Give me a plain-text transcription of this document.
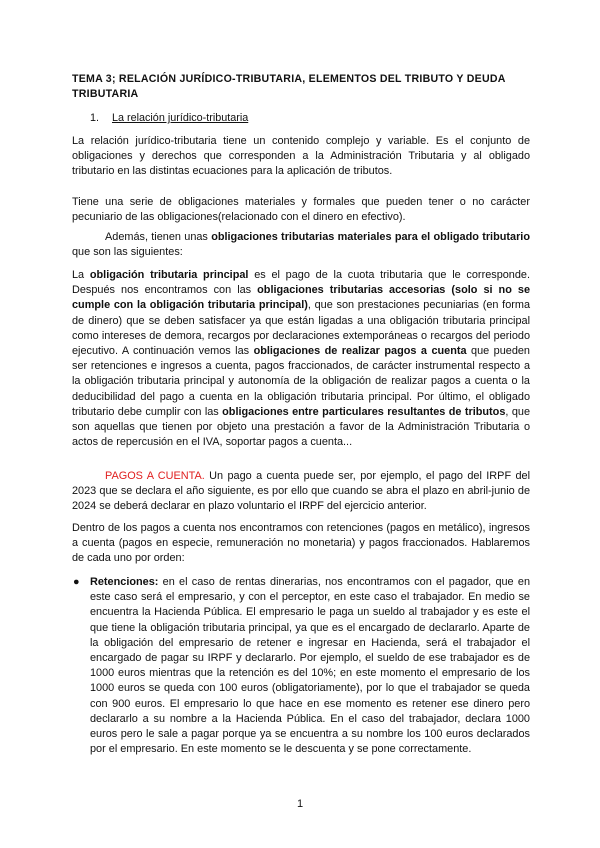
TEMA 3; RELACIÓN JURÍDICO-TRIBUTARIA, ELEMENTOS DEL TRIBUTO Y DEUDA TRIBUTARIA
1. La relación jurídico-tributaria

La relación jurídico-tributaria tiene un contenido complejo y variable. Es el conjunto de obligaciones y derechos que corresponden a la Administración Tributaria y al obligado tributario en las distintas ecuaciones para la aplicación de tributos.

Tiene una serie de obligaciones materiales y formales que pueden tener o no carácter pecuniario de las obligaciones(relacionado con el dinero en efectivo).

Además, tienen unas obligaciones tributarias materiales para el obligado tributario que son las siguientes:

La obligación tributaria principal es el pago de la cuota tributaria que le corresponde. Después nos encontramos con las obligaciones tributarias accesorias (solo si no se cumple con la obligación tributaria principal), que son prestaciones pecuniarias (en forma de dinero) que se deben satisfacer ya que están ligadas a una obligación tributaria principal como intereses de demora, recargos por declaraciones extemporáneas o recargos del periodo ejecutivo. A continuación vemos las obligaciones de realizar pagos a cuenta que pueden ser retenciones e ingresos a cuenta, pagos fraccionados, de carácter instrumental respecto a la obligación tributaria principal y autonomía de la obligación de realizar pagos a cuenta o la deducibilidad del pago a cuenta en la obligación tributaria principal. Por último, el obligado tributario debe cumplir con las obligaciones entre particulares resultantes de tributos, que son aquellas que tienen por objeto una prestación a favor de la Administración Tributaria o actos de repercusión en el IVA, soportar pagos a cuenta...

PAGOS A CUENTA. Un pago a cuenta puede ser, por ejemplo, el pago del IRPF del 2023 que se declara el año siguiente, es por ello que cuando se abra el plazo en abril-junio de 2024 se deberá declarar en plazo voluntario el IRPF del ejercicio anterior.

Dentro de los pagos a cuenta nos encontramos con retenciones (pagos en metálico), ingresos a cuenta (pagos en especie, remuneración no monetaria) y pagos fraccionados. Hablaremos de cada uno por orden:

● Retenciones: en el caso de rentas dinerarias, nos encontramos con el pagador, que en este caso será el empresario, y con el perceptor, en este caso el trabajador. En medio se encuentra la Hacienda Pública. El empresario le paga un sueldo al trabajador y es este el que tiene la obligación tributaria principal, ya que es el encargado de declararlo. Aparte de la obligación del empresario de retener e ingresar en Hacienda, será el trabajador el encargado de pagar su IRPF y declararlo. Por ejemplo, el sueldo de ese trabajador es de 1000 euros mientras que la retención es del 10%; en este momento el empresario de los 1000 euros se queda con 100 euros (obligatoriamente), por lo que el trabajador se queda con 900 euros. El empresario lo que hace en ese momento es retener ese dinero pero declararlo a su nombre a la Hacienda Pública. En el caso del trabajador, declara 1000 euros pero le sale a pagar porque ya se encuentra a su nombre los 100 euros declarados por el empresario. En este momento se le descuenta y se pone correctamente.
1
